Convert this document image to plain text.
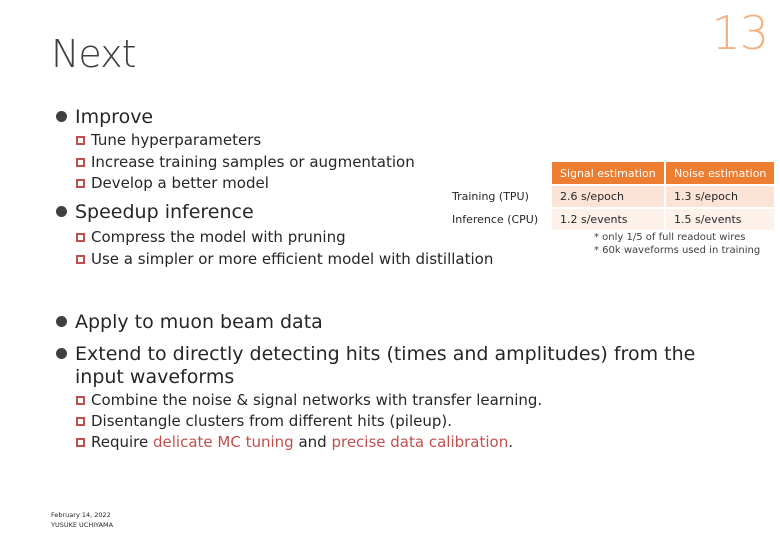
Next	13
Improve
Tune hyperparameters
Increase training samples or augmentation
Develop a better model
Speedup inference
Compress the model with pruning
Use a simpler or more efficient model with distillation
	Signal estimation	Noise estimation
Training (TPU)	2.6 s/epoch	1.3 s/epoch
Inference (CPU)	1.2 s/events	1.5 s/events
* only 1/5 of full readout wires
* 60k waveforms used in training
Apply to muon beam data
Extend to directly detecting hits (times and amplitudes) from the
input waveforms
Combine the noise & signal networks with transfer learning.
Disentangle clusters from different hits (pileup).
Require delicate MC tuning and precise data calibration.
February 14, 2022
YUSUKE UCHIYAMA
